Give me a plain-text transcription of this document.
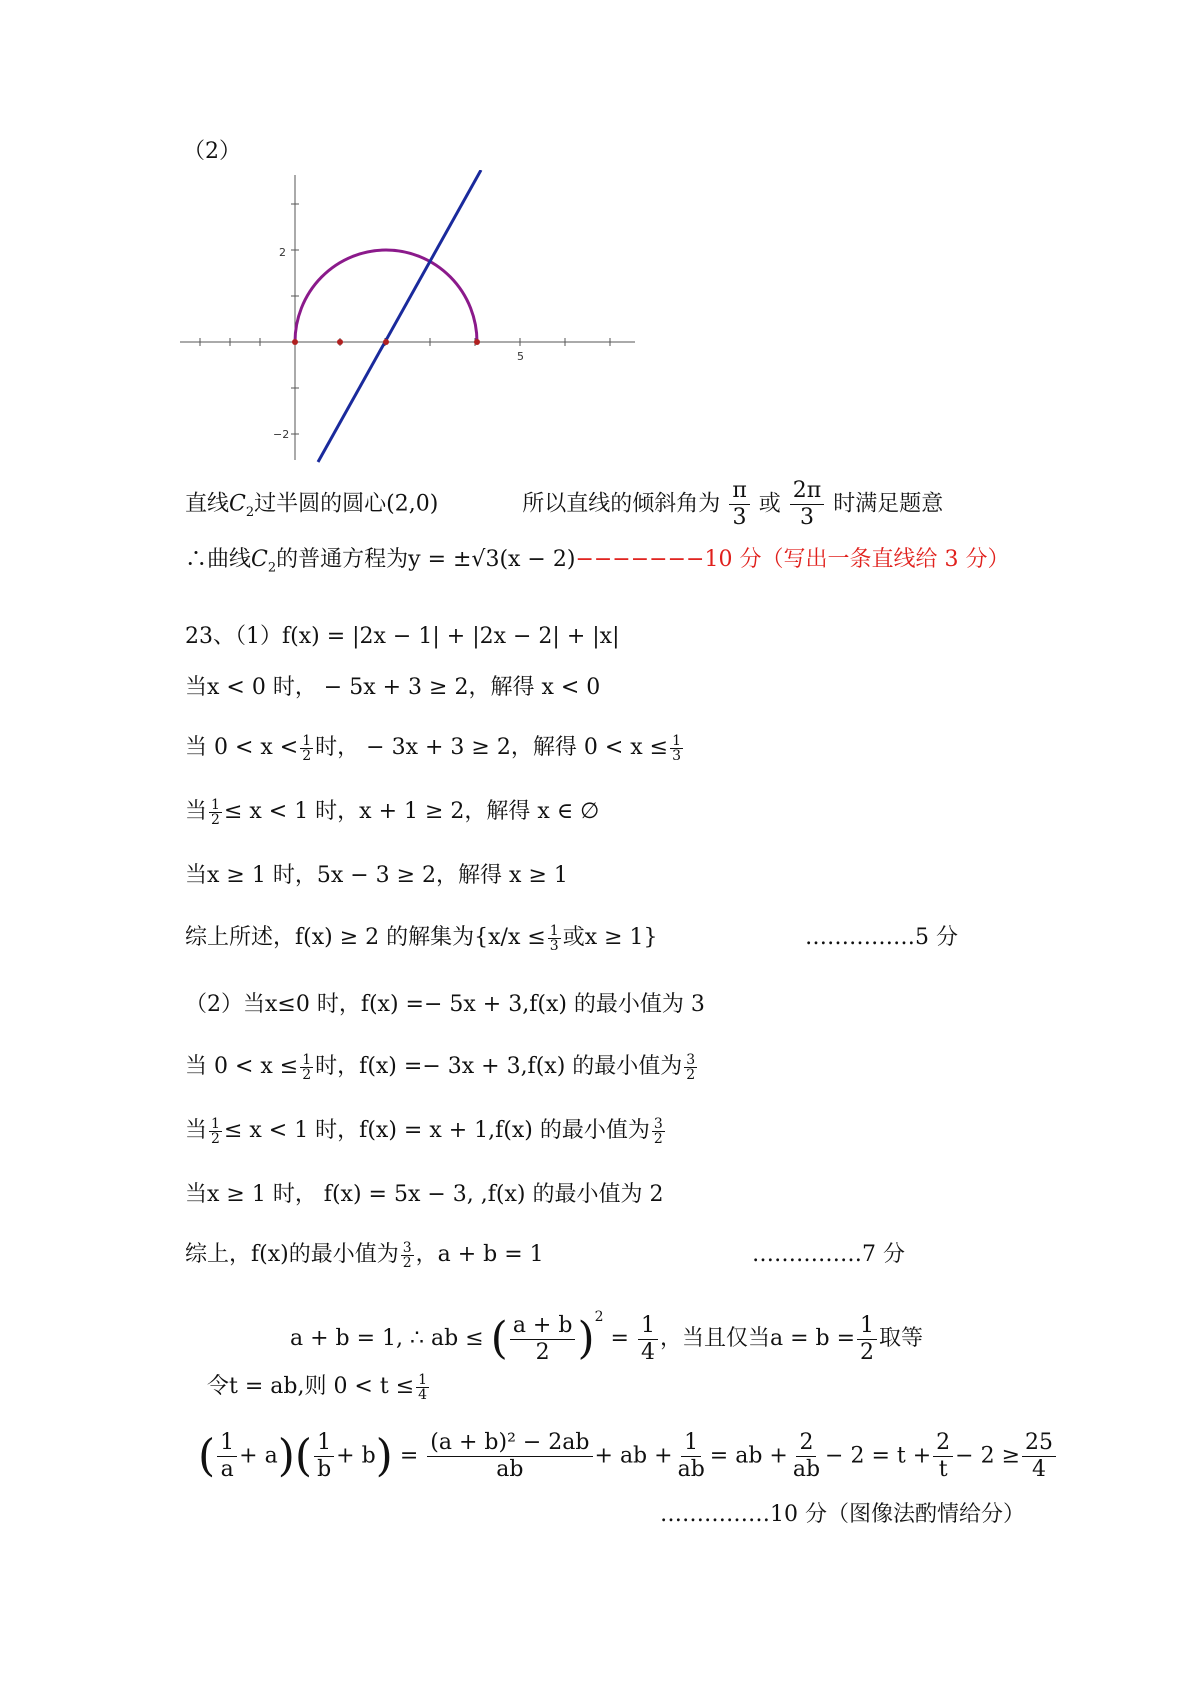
（2）
2
−2
5
直线$C_2$过半圆的圆心(2,0)	所以直线的倾斜角为 $\frac{\pi}{3}$ 或 $\frac{2\pi}{3}$ 时满足题意
∴曲线$C_2$的普通方程为y = ±√3(x − 2)−−−−−−−10 分（写出一条直线给 3 分）
23、（1）f(x) = |2x − 1| + |2x − 2| + |x|
当x < 0 时， − 5x + 3 ≥ 2，解得 x < 0
当 $0 < x < \frac{1}{2}$ 时， − 3x + 3 ≥ 2，解得 $0 < x \le \frac{1}{3}$
当 $\frac{1}{2} \le x < 1$ 时，x + 1 ≥ 2，解得 x ∈ ∅
当x ≥ 1 时，5x − 3 ≥ 2，解得 x ≥ 1
综上所述，f(x) ≥ 2 的解集为{$x/x \le \frac{1}{3}$ 或x ≥ 1}	……………5 分
（2）当x≤0 时，f(x) =− 5x + 3,f(x) 的最小值为 3
当 $0 < x \le \frac{1}{2}$ 时，f(x) =− 3x + 3,f(x) 的最小值为 $\frac{3}{2}$
当 $\frac{1}{2} \le x < 1$ 时，f(x) = x + 1,f(x) 的最小值为 $\frac{3}{2}$
当x ≥ 1 时， f(x) = 5x − 3, ,f(x) 的最小值为 2
综上，f(x)的最小值为 $\frac{3}{2}$ ，a + b = 1	……………7 分
a + b = 1, ∴ ab ≤ ( $\frac{a + b}{2} )^2 = \frac{1}{4}$ ，当且仅当$a = b = \frac{1}{2}$ 取等
令t = ab,则 $0 < t \le \frac{1}{4}$
( $\frac{1}{a} + a)( \frac{1}{b} + b) = \frac{\text{(a + b)² − 2ab}}{ab}$ + ab + $\frac{1}{ab}$ = ab + $\frac{2}{ab} - 2 = t + \frac{2}{t} - 2 \ge \frac{25}{4}$
……………10 分（图像法酌情给分）
